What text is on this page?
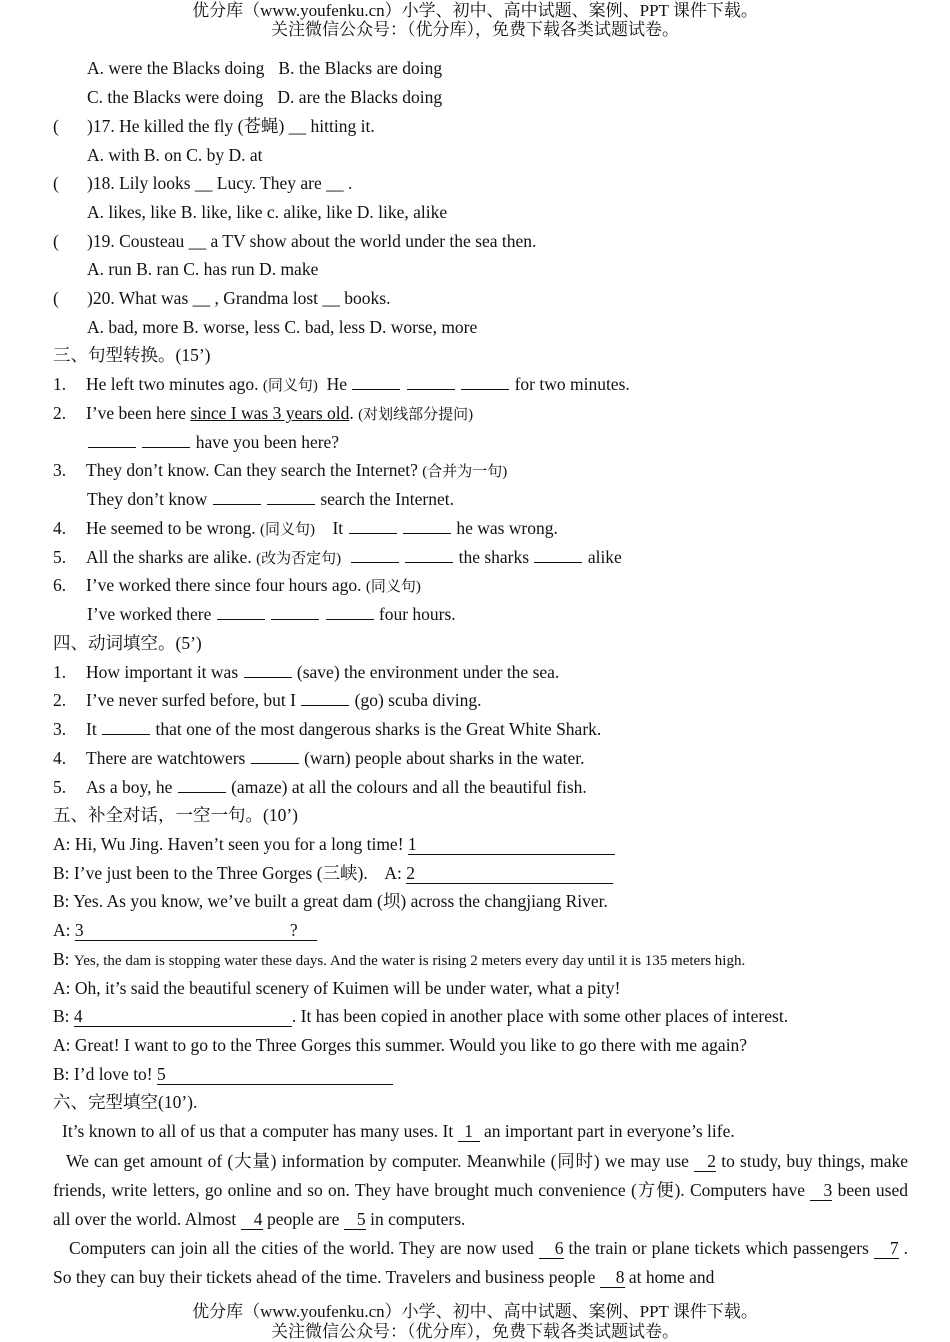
优分库（www.youfenku.cn）小学、初中、高中试题、案例、PPT 课件下载。
关注微信公众号：（优分库），免费下载各类试题试卷。
A. were the Blacks doing B. the Blacks are doing
C. the Blacks were doing D. are the Blacks doing
( )17. He killed the fly (苍蝇) __ hitting it.
A. with B. on C. by D. at
( )18. Lily looks __ Lucy. They are __ .
A. likes, like B. like, like c. alike, like D. like, alike
( )19. Cousteau __ a TV show about the world under the sea then.
A. run B. ran C. has run D. make
( )20. What was __ , Grandma lost __ books.
A. bad, more B. worse, less C. bad, less D. worse, more
三、句型转换。(15’)
1. He left two minutes ago. (同义句) He	for two minutes.
2. I’ve been here since I was 3 years old. (对划线部分提问)
have you been here?
3. They don’t know. Can they search the Internet? (合并为一句)
They don’t know	search the Internet.
4. He seemed to be wrong. (同义句) It	he was wrong.
5. All the sharks are alike. (改为否定句)	the sharks	alike
6. I’ve worked there since four hours ago. (同义句)
I’ve worked there	four hours.
四、动词填空。(5’)
1. How important it was	(save) the environment under the sea.
2. I’ve never surfed before, but I	(go) scuba diving.
3. It	that one of the most dangerous sharks is the Great White Shark.
4. There are watchtowers	(warn) people about sharks in the water.
5. As a boy, he	(amaze) at all the colours and all the beautiful fish.
五、补全对话，一空一句。(10’)
A: Hi, Wu Jing. Haven’t seen you for a long time! 1
B: I’ve just been to the Three Gorges (三峡). A: 2
B: Yes. As you know, we’ve built a great dam (坝) across the changjiang River.
A: 3	?
B: Yes, the dam is stopping water these days. And the water is rising 2 meters every day until it is 135 meters high.
A: Oh, it’s said the beautiful scenery of Kuimen will be under water, what a pity!
B: 4	. It has been copied in another place with some other places of interest.
A: Great! I want to go to the Three Gorges this summer. Would you like to go there with me again?
B: I’d love to! 5
六、完型填空(10’).
It’s known to all of us that a computer has many uses. It 1 an important part in everyone’s life.
We can get amount of (大量) information by computer. Meanwhile (同时) we may use 2 to study, buy things, make friends, write letters, go online and so on. They have brought much convenience (方便). Computers have 3 been used all over the world. Almost 4 people are 5 in computers.
Computers can join all the cities of the world. They are now used 6 the train or plane tickets which passengers 7 . So they can buy their tickets ahead of the time. Travelers and business people 8 at home and
优分库（www.youfenku.cn）小学、初中、高中试题、案例、PPT 课件下载。
关注微信公众号：（优分库），免费下载各类试题试卷。
